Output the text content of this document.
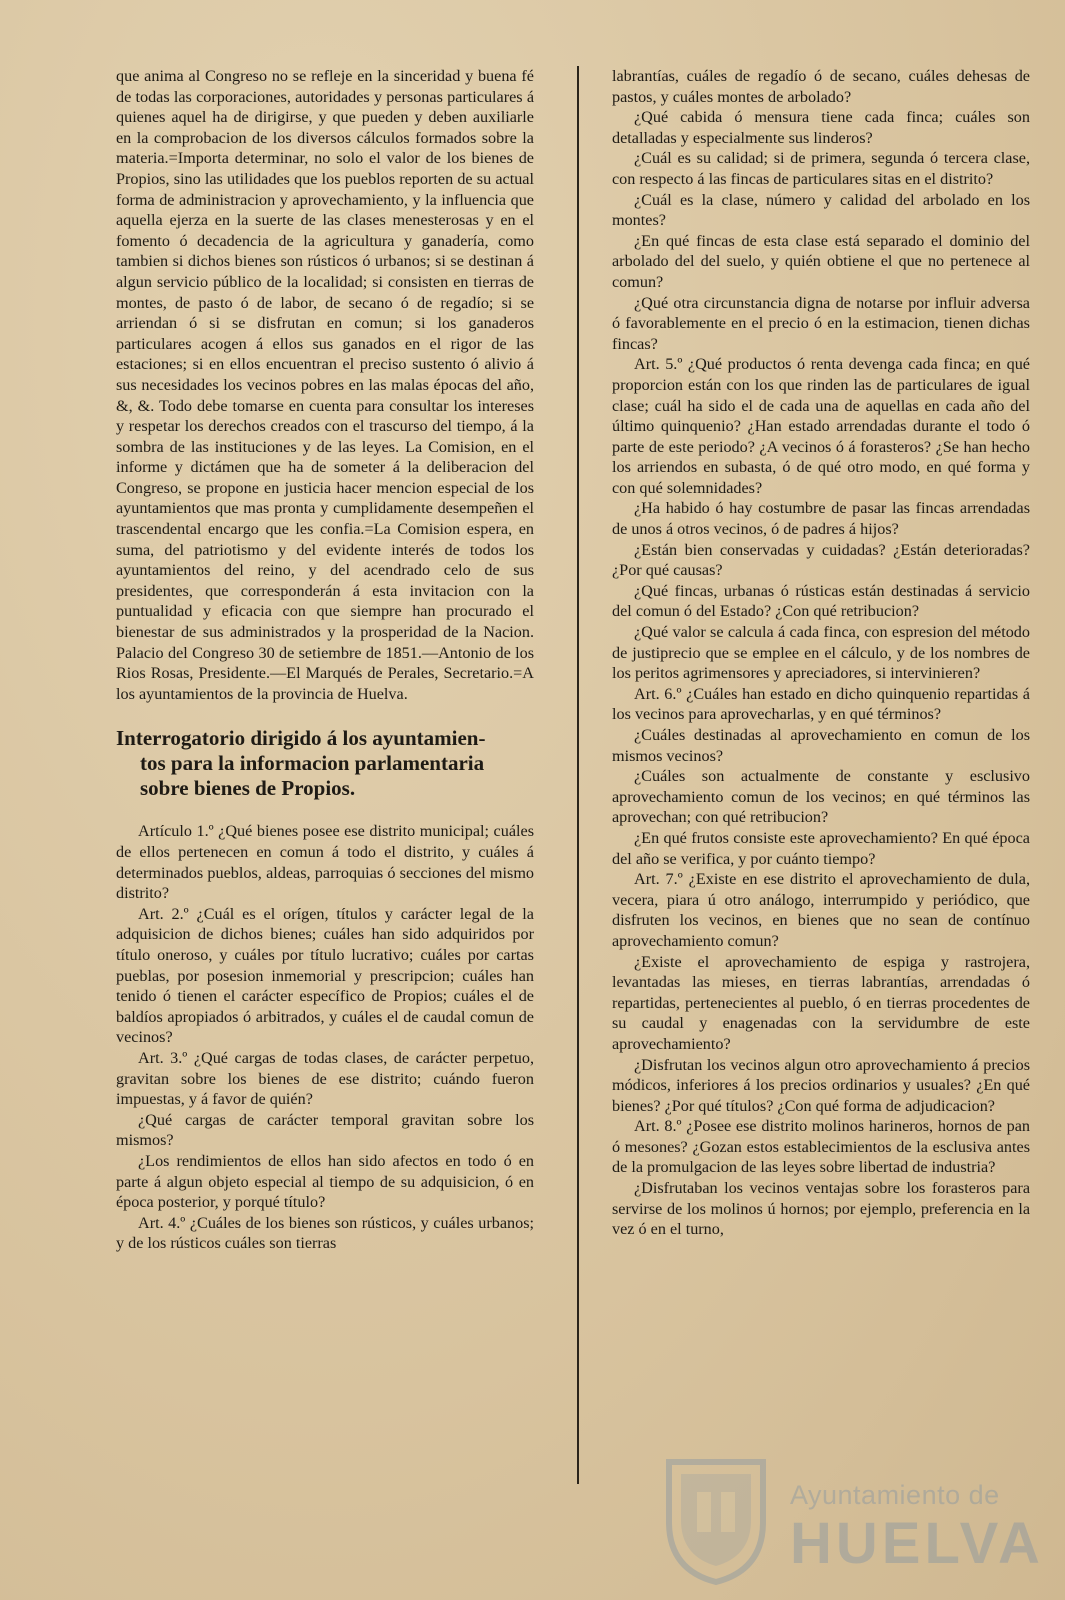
que anima al Congreso no se refleje en la sinceridad y buena fé de todas las corporaciones, autoridades y personas particulares á quienes aquel ha de dirigirse, y que pueden y deben auxiliarle en la comprobacion de los diversos cálculos formados sobre la materia.=Importa determinar, no solo el valor de los bienes de Propios, sino las utilidades que los pueblos reporten de su actual forma de administracion y aprovechamiento, y la influencia que aquella ejerza en la suerte de las clases menesterosas y en el fomento ó decadencia de la agricultura y ganadería, como tambien si dichos bienes son rústicos ó urbanos; si se destinan á algun servicio público de la localidad; si consisten en tierras de montes, de pasto ó de labor, de secano ó de regadío; si se arriendan ó si se disfrutan en comun; si los ganaderos particulares acogen á ellos sus ganados en el rigor de las estaciones; si en ellos encuentran el preciso sustento ó alivio á sus necesidades los vecinos pobres en las malas épocas del año, &, &. Todo debe tomarse en cuenta para consultar los intereses y respetar los derechos creados con el trascurso del tiempo, á la sombra de las instituciones y de las leyes. La Comision, en el informe y dictámen que ha de someter á la deliberacion del Congreso, se propone en justicia hacer mencion especial de los ayuntamientos que mas pronta y cumplidamente desempeñen el trascendental encargo que les confia.=La Comision espera, en suma, del patriotismo y del evidente interés de todos los ayuntamientos del reino, y del acendrado celo de sus presidentes, que corresponderán á esta invitacion con la puntualidad y eficacia con que siempre han procurado el bienestar de sus administrados y la prosperidad de la Nacion. Palacio del Congreso 30 de setiembre de 1851.—Antonio de los Rios Rosas, Presidente.—El Marqués de Perales, Secretario.=A los ayuntamientos de la provincia de Huelva.

Interrogatorio dirigido á los ayuntamien-
tos para la informacion parlamentaria
sobre bienes de Propios.

Artículo 1.º ¿Qué bienes posee ese distrito municipal; cuáles de ellos pertenecen en comun á todo el distrito, y cuáles á determinados pueblos, aldeas, parroquias ó secciones del mismo distrito?

Art. 2.º ¿Cuál es el orígen, títulos y carácter legal de la adquisicion de dichos bienes; cuáles han sido adquiridos por título oneroso, y cuáles por título lucrativo; cuáles por cartas pueblas, por posesion inmemorial y prescripcion; cuáles han tenido ó tienen el carácter específico de Propios; cuáles el de baldíos apropiados ó arbitrados, y cuáles el de caudal comun de vecinos?

Art. 3.º ¿Qué cargas de todas clases, de carácter perpetuo, gravitan sobre los bienes de ese distrito; cuándo fueron impuestas, y á favor de quién?

¿Qué cargas de carácter temporal gravitan sobre los mismos?

¿Los rendimientos de ellos han sido afectos en todo ó en parte á algun objeto especial al tiempo de su adquisicion, ó en época posterior, y porqué título?

Art. 4.º ¿Cuáles de los bienes son rústicos, y cuáles urbanos; y de los rústicos cuáles son tierras

labrantías, cuáles de regadío ó de secano, cuáles dehesas de pastos, y cuáles montes de arbolado?

¿Qué cabida ó mensura tiene cada finca; cuáles son detalladas y especialmente sus linderos?

¿Cuál es su calidad; si de primera, segunda ó tercera clase, con respecto á las fincas de particulares sitas en el distrito?

¿Cuál es la clase, número y calidad del arbolado en los montes?

¿En qué fincas de esta clase está separado el dominio del arbolado del del suelo, y quién obtiene el que no pertenece al comun?

¿Qué otra circunstancia digna de notarse por influir adversa ó favorablemente en el precio ó en la estimacion, tienen dichas fincas?

Art. 5.º ¿Qué productos ó renta devenga cada finca; en qué proporcion están con los que rinden las de particulares de igual clase; cuál ha sido el de cada una de aquellas en cada año del último quinquenio? ¿Han estado arrendadas durante el todo ó parte de este periodo? ¿A vecinos ó á forasteros? ¿Se han hecho los arriendos en subasta, ó de qué otro modo, en qué forma y con qué solemnidades?

¿Ha habido ó hay costumbre de pasar las fincas arrendadas de unos á otros vecinos, ó de padres á hijos?

¿Están bien conservadas y cuidadas? ¿Están deterioradas? ¿Por qué causas?

¿Qué fincas, urbanas ó rústicas están destinadas á servicio del comun ó del Estado? ¿Con qué retribucion?

¿Qué valor se calcula á cada finca, con espresion del método de justiprecio que se emplee en el cálculo, y de los nombres de los peritos agrimensores y apreciadores, si intervinieren?

Art. 6.º ¿Cuáles han estado en dicho quinquenio repartidas á los vecinos para aprovecharlas, y en qué términos?

¿Cuáles destinadas al aprovechamiento en comun de los mismos vecinos?

¿Cuáles son actualmente de constante y esclusivo aprovechamiento comun de los vecinos; en qué términos las aprovechan; con qué retribucion?

¿En qué frutos consiste este aprovechamiento? En qué época del año se verifica, y por cuánto tiempo?

Art. 7.º ¿Existe en ese distrito el aprovechamiento de dula, vecera, piara ú otro análogo, interrumpido y periódico, que disfruten los vecinos, en bienes que no sean de contínuo aprovechamiento comun?

¿Existe el aprovechamiento de espiga y rastrojera, levantadas las mieses, en tierras labrantías, arrendadas ó repartidas, pertenecientes al pueblo, ó en tierras procedentes de su caudal y enagenadas con la servidumbre de este aprovechamiento?

¿Disfrutan los vecinos algun otro aprovechamiento á precios módicos, inferiores á los precios ordinarios y usuales? ¿En qué bienes? ¿Por qué títulos? ¿Con qué forma de adjudicacion?

Art. 8.º ¿Posee ese distrito molinos harineros, hornos de pan ó mesones? ¿Gozan estos establecimientos de la esclusiva antes de la promulgacion de las leyes sobre libertad de industria?

¿Disfrutaban los vecinos ventajas sobre los forasteros para servirse de los molinos ú hornos; por ejemplo, preferencia en la vez ó en el turno,

Ayuntamiento de
HUELVA
